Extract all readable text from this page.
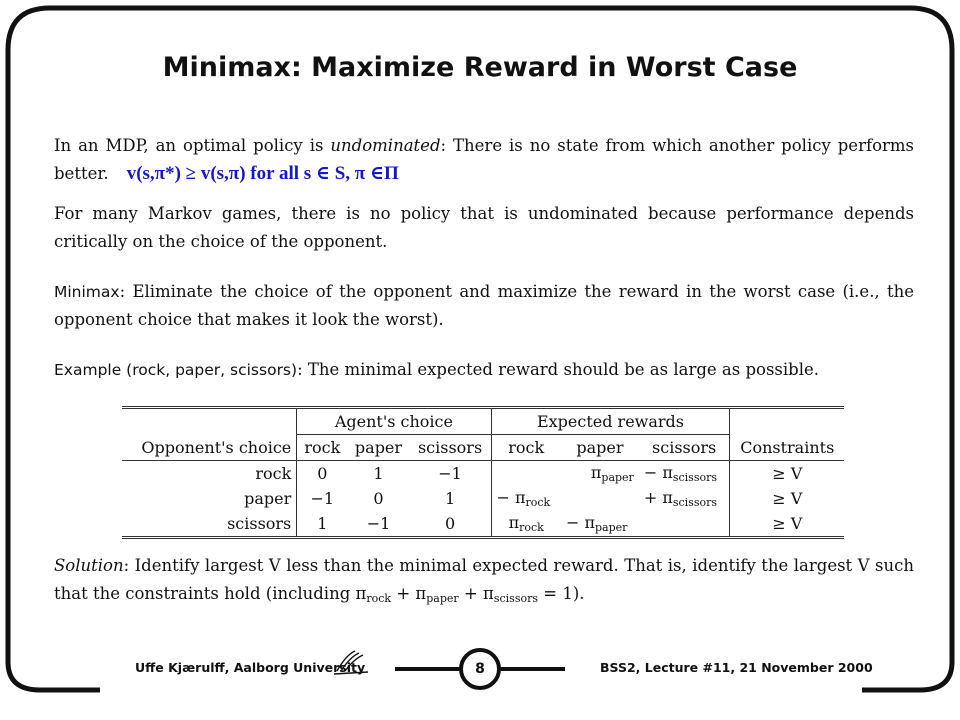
Minimax: Maximize Reward in Worst Case
In an MDP, an optimal policy is undominated: There is no state from which another policy performs better. v(s,π*) ≥ v(s,π) for all s ∈ S, π ∈Π
For many Markov games, there is no policy that is undominated because performance depends critically on the choice of the opponent.
Minimax: Eliminate the choice of the opponent and maximize the reward in the worst case (i.e., the opponent choice that makes it look the worst).
Example (rock, paper, scissors): The minimal expected reward should be as large as possible.
	Agent's choice			Expected rewards			
Opponent's choice	rock	paper	scissors	rock	paper	scissors	Constraints
rock	0	1	−1		$\pi_{paper}$	− $\pi_{scissors}$	≥ V
paper	−1	0	1	− $\pi_{rock}$		+ $\pi_{scissors}$	≥ V
scissors	1	−1	0	$\pi_{rock}$	− $\pi_{paper}$		≥ V
Solution: Identify largest V less than the minimal expected reward. That is, identify the largest V such that the constraints hold (including $\pi_{rock} + \pi_{paper} + \pi_{scissors} = 1$).
Uffe Kjærulff, Aalborg University	8	BSS2, Lecture #11, 21 November 2000
